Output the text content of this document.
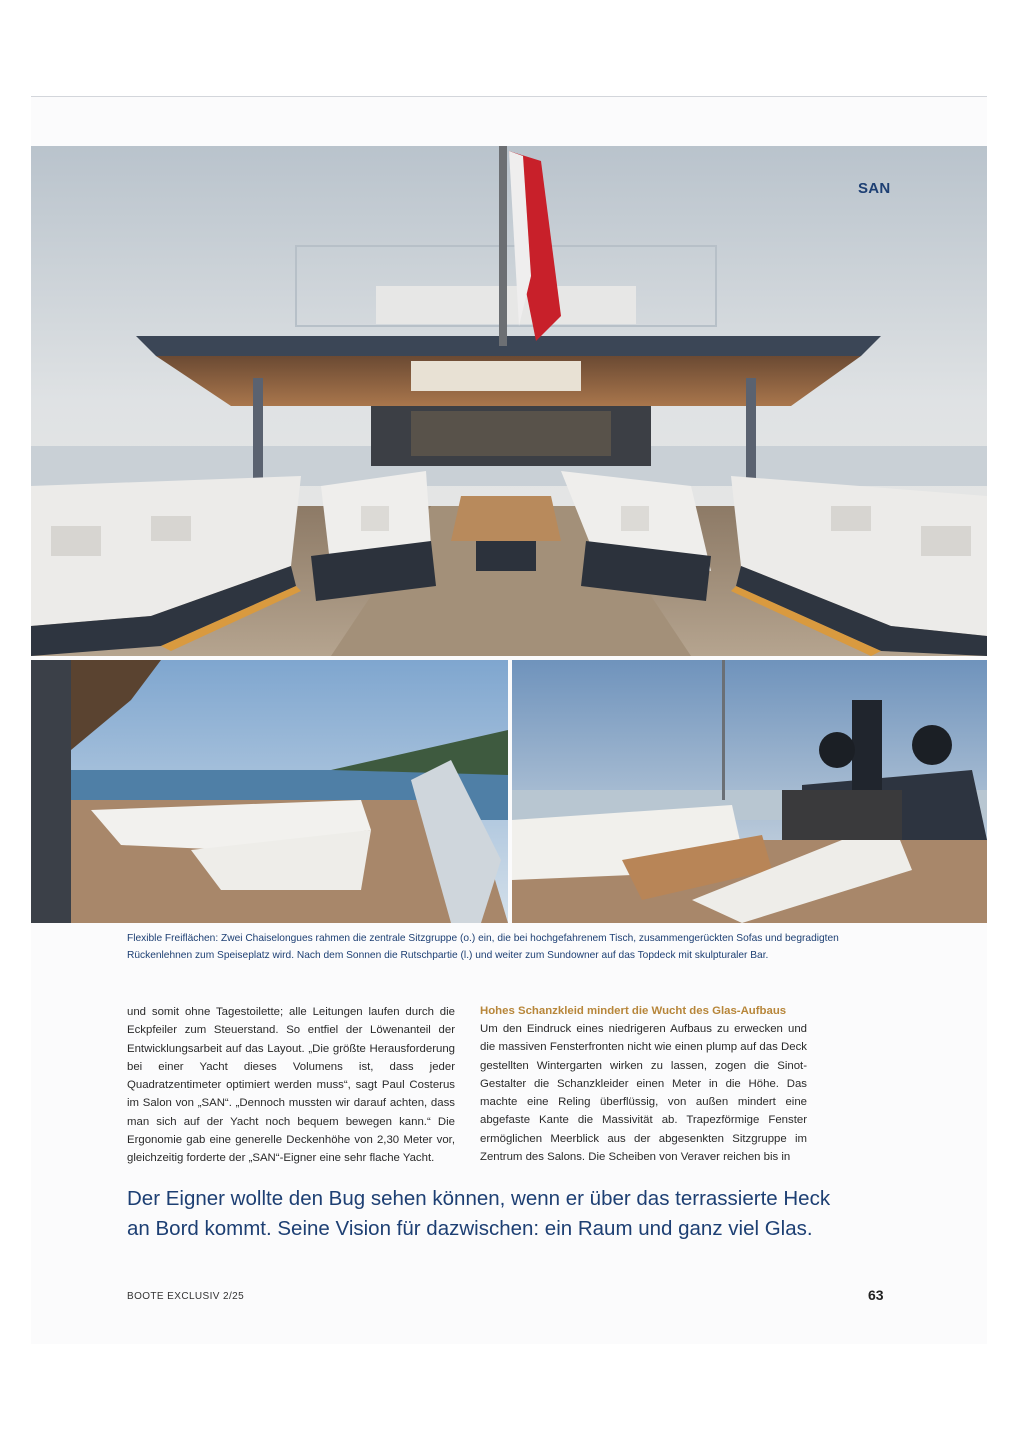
SAN
Flexible Freiflächen: Zwei Chaiselongues rahmen die zentrale Sitzgruppe (o.) ein, die bei hochgefahrenem Tisch, zusammengerückten Sofas und begradigten Rückenlehnen zum Speiseplatz wird. Nach dem Sonnen die Rutschpartie (l.) und weiter zum Sundowner auf das Topdeck mit skulpturaler Bar.
und somit ohne Tagestoilette; alle Leitungen laufen durch die Eckpfeiler zum Steuerstand. So entfiel der Löwenanteil der Entwicklungsarbeit auf das Layout. „Die größte Herausforderung bei einer Yacht dieses Volumens ist, dass jeder Quadratzentimeter optimiert werden muss“, sagt Paul Costerus im Salon von „SAN“. „Dennoch mussten wir darauf achten, dass man sich auf der Yacht noch bequem bewegen kann.“ Die Ergonomie gab eine generelle Deckenhöhe von 2,30 Meter vor, gleichzeitig forderte der „SAN“-Eigner eine sehr flache Yacht.
Hohes Schanzkleid mindert die Wucht des Glas-Aufbaus
Um den Eindruck eines niedrigeren Aufbaus zu erwecken und die massiven Fensterfronten nicht wie einen plump auf das Deck gestellten Wintergarten wirken zu lassen, zogen die Sinot-Gestalter die Schanzkleider einen Meter in die Höhe. Das machte eine Reling überflüssig, von außen mindert eine abgefaste Kante die Massivität ab. Trapezförmige Fenster ermöglichen Meerblick aus der abgesenkten Sitzgruppe im Zentrum des Salons. Die Scheiben von Veraver reichen bis in
Der Eigner wollte den Bug sehen können, wenn er über das terrassierte Heck an Bord kommt. Seine Vision für dazwischen: ein Raum und ganz viel Glas.
BOOTE EXCLUSIV 2/25	63
